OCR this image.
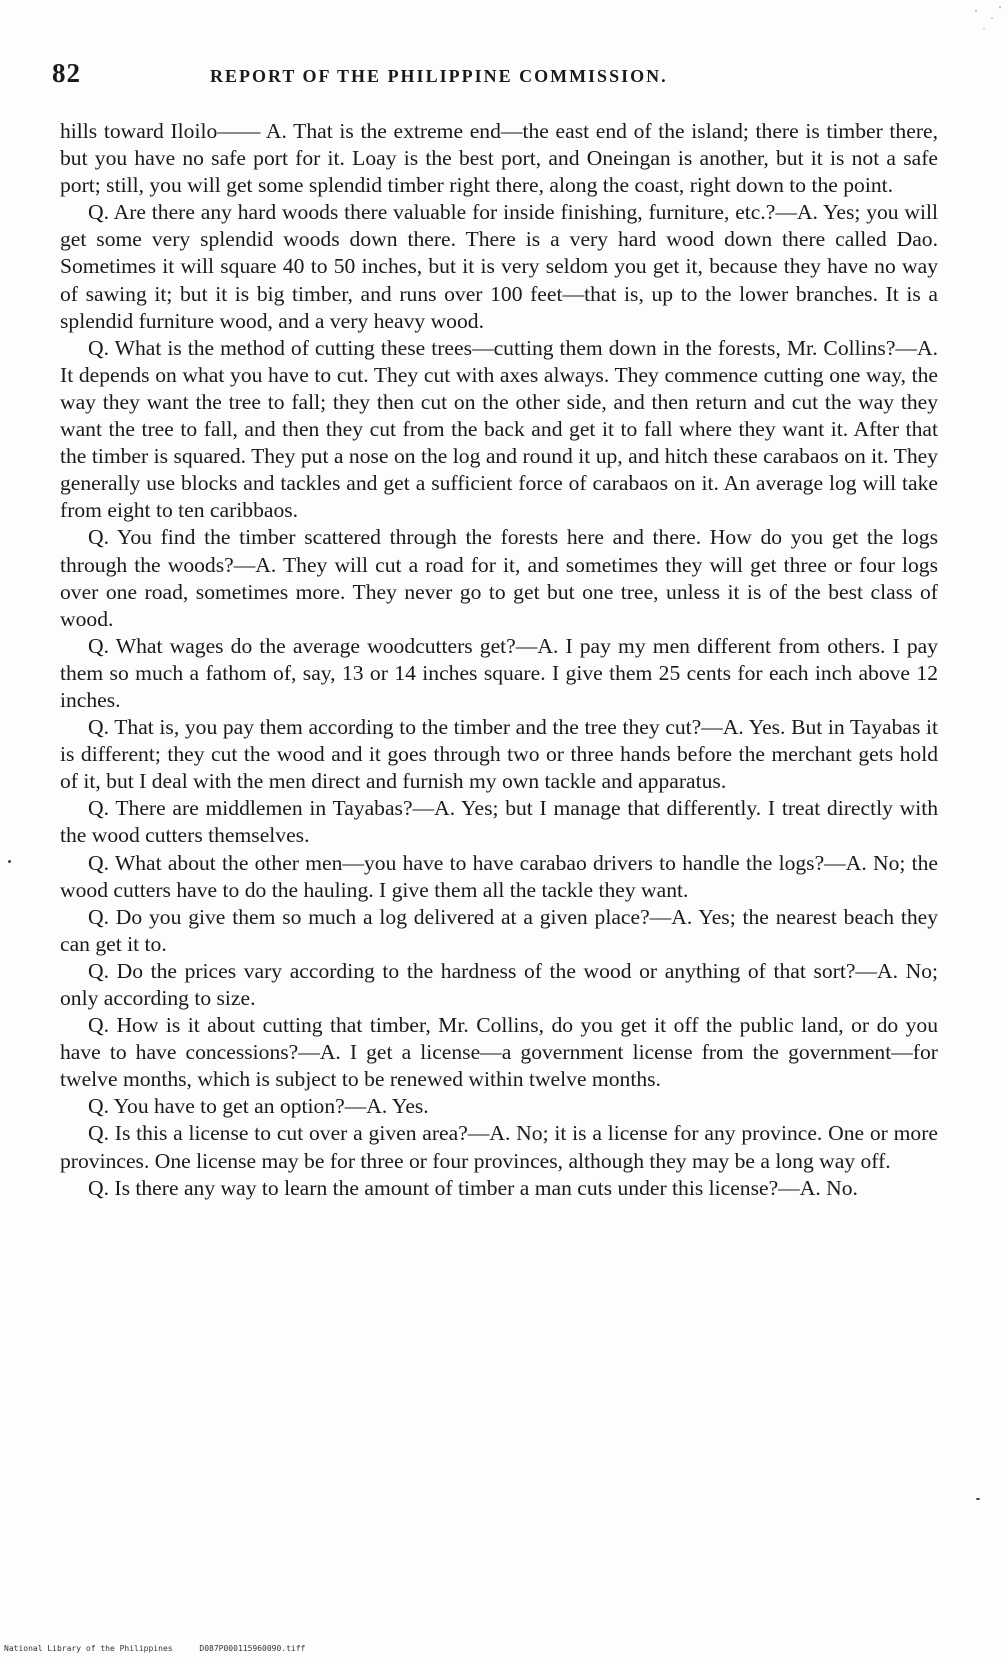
82	REPORT OF THE PHILIPPINE COMMISSION.

hills toward Iloilo—— A. That is the extreme end—the east end of the island; there is timber there, but you have no safe port for it. Loay is the best port, and Oneingan is another, but it is not a safe port; still, you will get some splendid timber right there, along the coast, right down to the point.

Q. Are there any hard woods there valuable for inside finishing, furniture, etc.?—A. Yes; you will get some very splendid woods down there. There is a very hard wood down there called Dao. Sometimes it will square 40 to 50 inches, but it is very seldom you get it, because they have no way of sawing it; but it is big timber, and runs over 100 feet—that is, up to the lower branches. It is a splendid furniture wood, and a very heavy wood.

Q. What is the method of cutting these trees—cutting them down in the forests, Mr. Collins?—A. It depends on what you have to cut. They cut with axes always. They commence cutting one way, the way they want the tree to fall; they then cut on the other side, and then return and cut the way they want the tree to fall, and then they cut from the back and get it to fall where they want it. After that the timber is squared. They put a nose on the log and round it up, and hitch these carabaos on it. They generally use blocks and tackles and get a sufficient force of carabaos on it. An average log will take from eight to ten caribbaos.

Q. You find the timber scattered through the forests here and there. How do you get the logs through the woods?—A. They will cut a road for it, and sometimes they will get three or four logs over one road, sometimes more. They never go to get but one tree, unless it is of the best class of wood.

Q. What wages do the average woodcutters get?—A. I pay my men different from others. I pay them so much a fathom of, say, 13 or 14 inches square. I give them 25 cents for each inch above 12 inches.

Q. That is, you pay them according to the timber and the tree they cut?—A. Yes. But in Tayabas it is different; they cut the wood and it goes through two or three hands before the merchant gets hold of it, but I deal with the men direct and furnish my own tackle and apparatus.

Q. There are middlemen in Tayabas?—A. Yes; but I manage that differently. I treat directly with the wood cutters themselves.

Q. What about the other men—you have to have carabao drivers to handle the logs?—A. No; the wood cutters have to do the hauling. I give them all the tackle they want.

Q. Do you give them so much a log delivered at a given place?—A. Yes; the nearest beach they can get it to.

Q. Do the prices vary according to the hardness of the wood or anything of that sort?—A. No; only according to size.

Q. How is it about cutting that timber, Mr. Collins, do you get it off the public land, or do you have to have concessions?—A. I get a license—a government license from the government—for twelve months, which is subject to be renewed within twelve months.

Q. You have to get an option?—A. Yes.

Q. Is this a license to cut over a given area?—A. No; it is a license for any province. One or more provinces. One license may be for three or four provinces, although they may be a long way off.

Q. Is there any way to learn the amount of timber a man cuts under this license?—A. No.

National Library of the Philippines	D087P000115960090.tiff
